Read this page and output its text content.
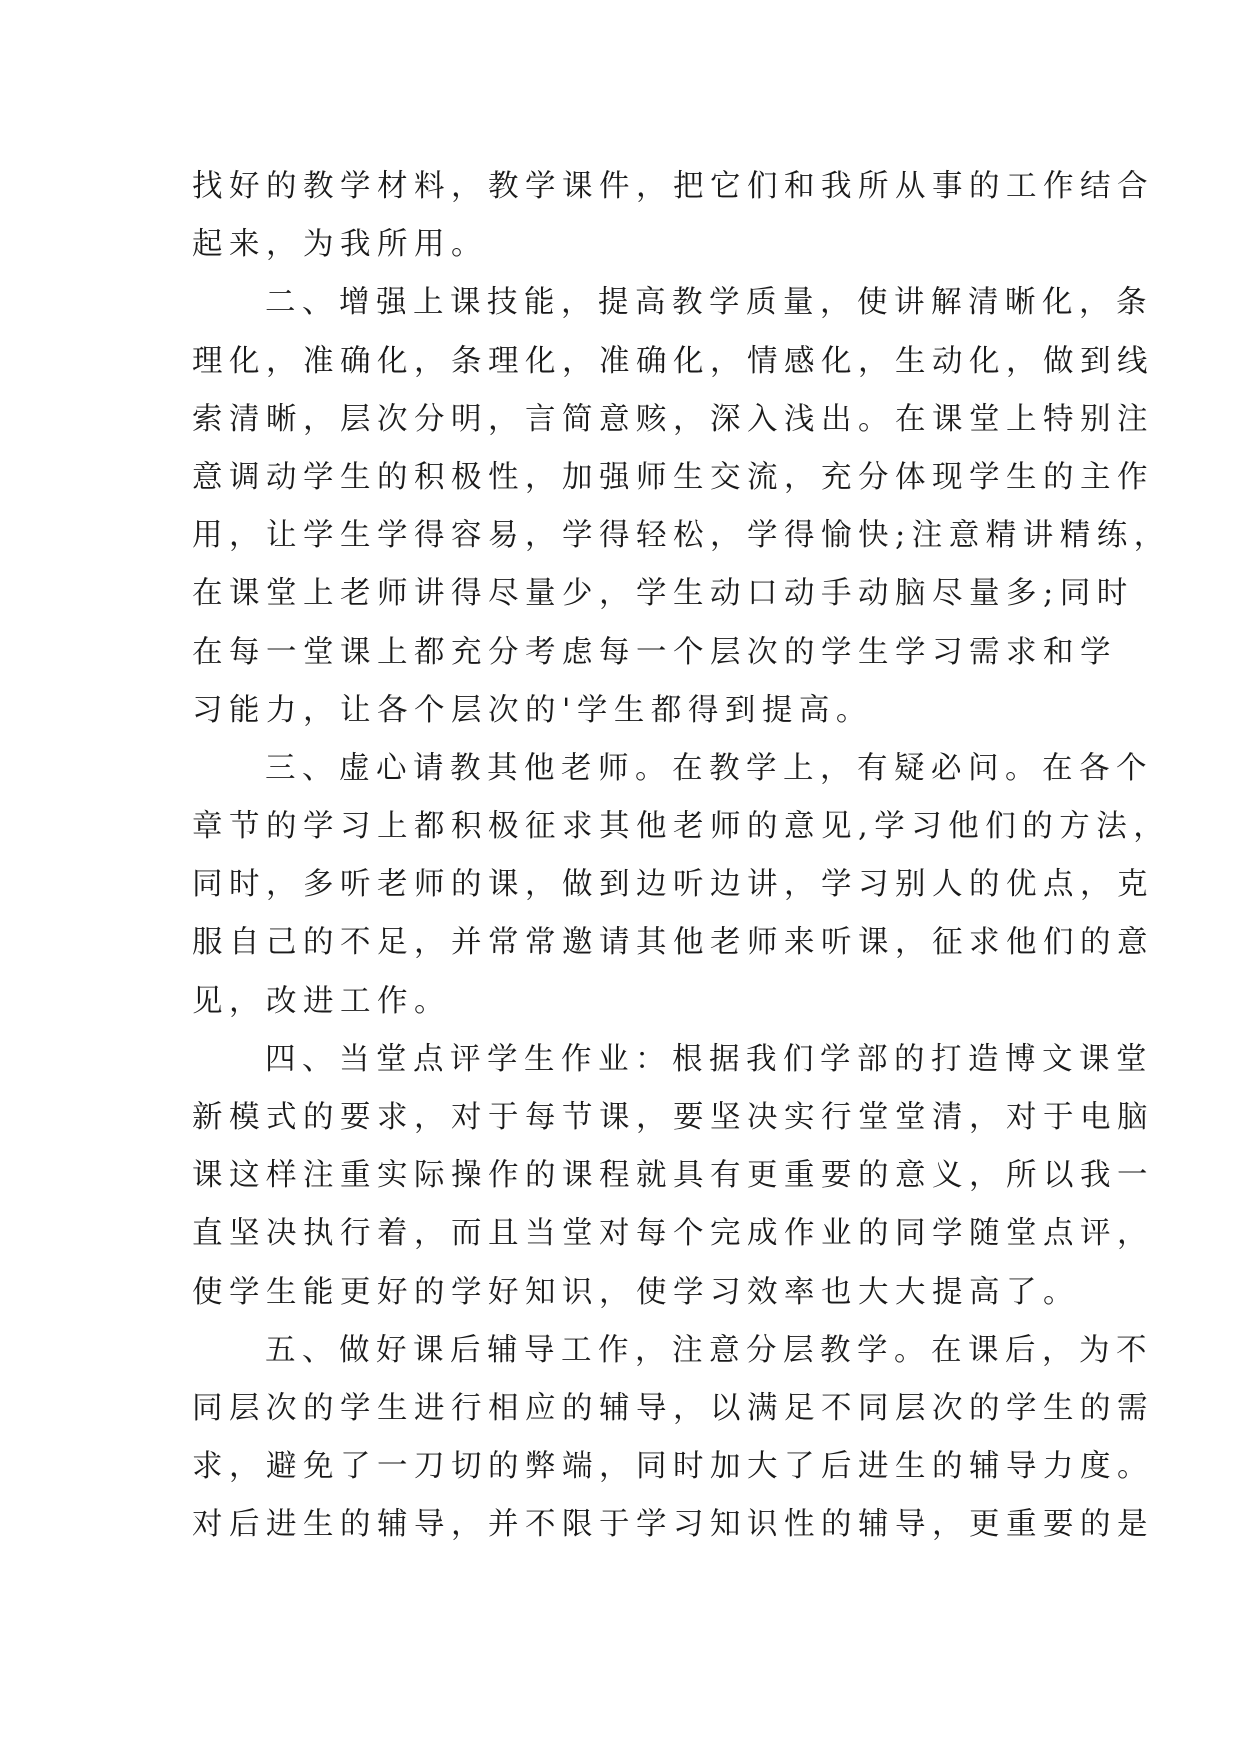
找好的教学材料，教学课件，把它们和我所从事的工作结合
起来，为我所用。
二、增强上课技能，提高教学质量，使讲解清晰化，条
理化，准确化，条理化，准确化，情感化，生动化，做到线
索清晰，层次分明，言简意赅，深入浅出。在课堂上特别注
意调动学生的积极性，加强师生交流，充分体现学生的主作
用，让学生学得容易，学得轻松，学得愉快;注意精讲精练，
在课堂上老师讲得尽量少，学生动口动手动脑尽量多;同时
在每一堂课上都充分考虑每一个层次的学生学习需求和学
习能力，让各个层次的'学生都得到提高。
三、虚心请教其他老师。在教学上，有疑必问。在各个
章节的学习上都积极征求其他老师的意见,学习他们的方法，
同时，多听老师的课，做到边听边讲，学习别人的优点，克
服自己的不足，并常常邀请其他老师来听课，征求他们的意
见，改进工作。
四、当堂点评学生作业：根据我们学部的打造博文课堂
新模式的要求，对于每节课，要坚决实行堂堂清，对于电脑
课这样注重实际操作的课程就具有更重要的意义，所以我一
直坚决执行着，而且当堂对每个完成作业的同学随堂点评，
使学生能更好的学好知识，使学习效率也大大提高了。
五、做好课后辅导工作，注意分层教学。在课后，为不
同层次的学生进行相应的辅导，以满足不同层次的学生的需
求，避免了一刀切的弊端，同时加大了后进生的辅导力度。
对后进生的辅导，并不限于学习知识性的辅导，更重要的是
